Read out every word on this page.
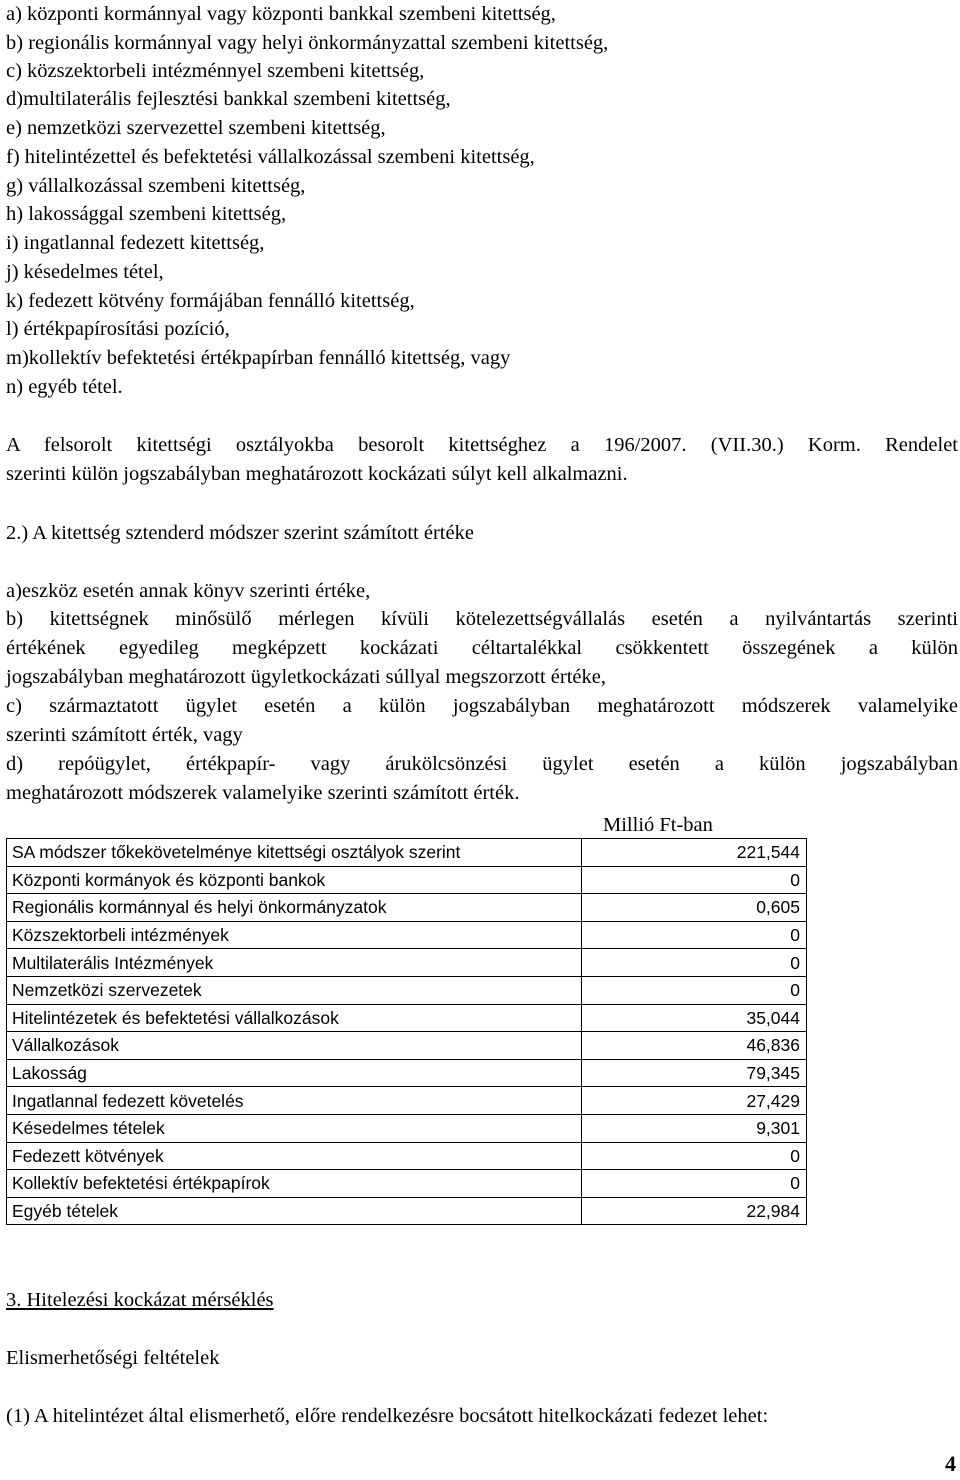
a) központi kormánnyal vagy központi bankkal szembeni kitettség,
b) regionális kormánnyal vagy helyi önkormányzattal szembeni kitettség,
c) közszektorbeli intézménnyel szembeni kitettség,
d)multilaterális fejlesztési bankkal szembeni kitettség,
e) nemzetközi szervezettel szembeni kitettség,
f) hitelintézettel és befektetési vállalkozással szembeni kitettség,
g) vállalkozással szembeni kitettség,
h) lakossággal szembeni kitettség,
i) ingatlannal fedezett kitettség,
j) késedelmes tétel,
k) fedezett kötvény formájában fennálló kitettség,
l) értékpapírosítási pozíció,
m)kollektív befektetési értékpapírban fennálló kitettség, vagy
n) egyéb tétel.
A felsorolt kitettségi osztályokba besorolt kitettséghez a 196/2007. (VII.30.) Korm. Rendelet
szerinti külön jogszabályban meghatározott kockázati súlyt kell alkalmazni.
2.) A kitettség sztenderd módszer szerint számított értéke
a)eszköz esetén annak könyv szerinti értéke,
b) kitettségnek minősülő mérlegen kívüli kötelezettségvállalás esetén a nyilvántartás szerinti
értékének egyedileg megképzett kockázati céltartalékkal csökkentett összegének a külön
jogszabályban meghatározott ügyletkockázati súllyal megszorzott értéke,
c) származtatott ügylet esetén a külön jogszabályban meghatározott módszerek valamelyike
szerinti számított érték, vagy
d) repóügylet, értékpapír- vagy árukölcsönzési ügylet esetén a külön jogszabályban
meghatározott módszerek valamelyike szerinti számított érték.
Millió Ft-ban
SA módszer tőkekövetelménye kitettségi osztályok szerint	221,544
Központi kormányok és központi bankok	0
Regionális kormánnyal és helyi önkormányzatok	0,605
Közszektorbeli intézmények	0
Multilaterális Intézmények	0
Nemzetközi szervezetek	0
Hitelintézetek és befektetési vállalkozások	35,044
Vállalkozások	46,836
Lakosság	79,345
Ingatlannal fedezett követelés	27,429
Késedelmes tételek	9,301
Fedezett kötvények	0
Kollektív befektetési értékpapírok	0
Egyéb tételek	22,984
3. Hitelezési kockázat mérséklés
Elismerhetőségi feltételek
(1) A hitelintézet által elismerhető, előre rendelkezésre bocsátott hitelkockázati fedezet lehet:
4
